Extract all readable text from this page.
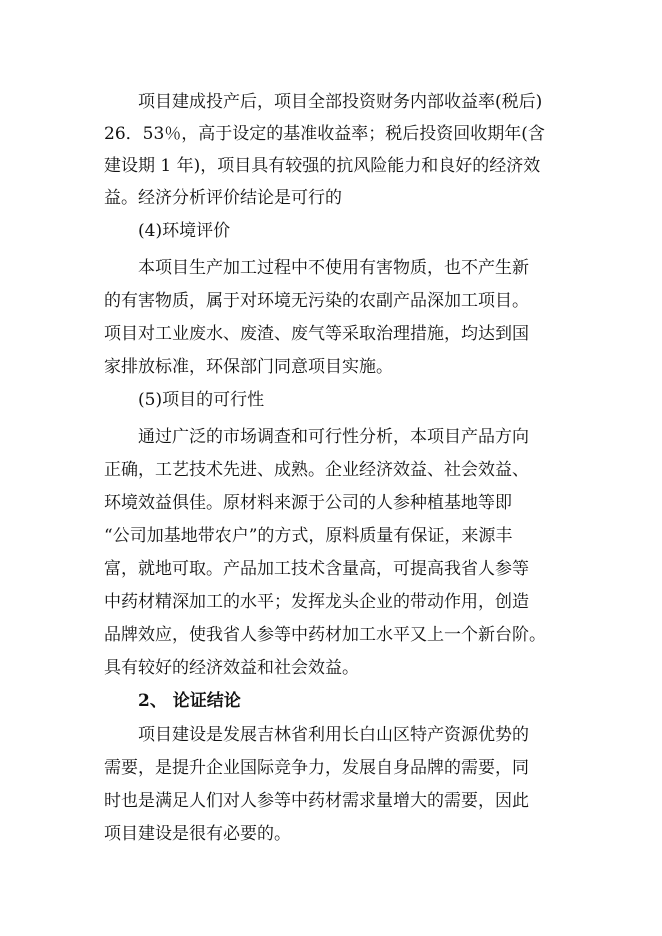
项目建成投产后，项目全部投资财务内部收益率(税后)
26．53％，高于设定的基准收益率；税后投资回收期年(含
建设期 1 年)，项目具有较强的抗风险能力和良好的经济效
益。经济分析评价结论是可行的
(4)环境评价
本项目生产加工过程中不使用有害物质，也不产生新
的有害物质，属于对环境无污染的农副产品深加工项目。
项目对工业废水、废渣、废气等采取治理措施，均达到国
家排放标准，环保部门同意项目实施。
(5)项目的可行性
通过广泛的市场调查和可行性分析，本项目产品方向
正确，工艺技术先进、成熟。企业经济效益、社会效益、
环境效益俱佳。原材料来源于公司的人参种植基地等即
“公司加基地带农户”的方式，原料质量有保证，来源丰
富，就地可取。产品加工技术含量高，可提高我省人参等
中药材精深加工的水平；发挥龙头企业的带动作用，创造
品牌效应，使我省人参等中药材加工水平又上一个新台阶。
具有较好的经济效益和社会效益。
2、 论证结论
项目建设是发展吉林省利用长白山区特产资源优势的
需要，是提升企业国际竞争力，发展自身品牌的需要，同
时也是满足人们对人参等中药材需求量增大的需要，因此
项目建设是很有必要的。
